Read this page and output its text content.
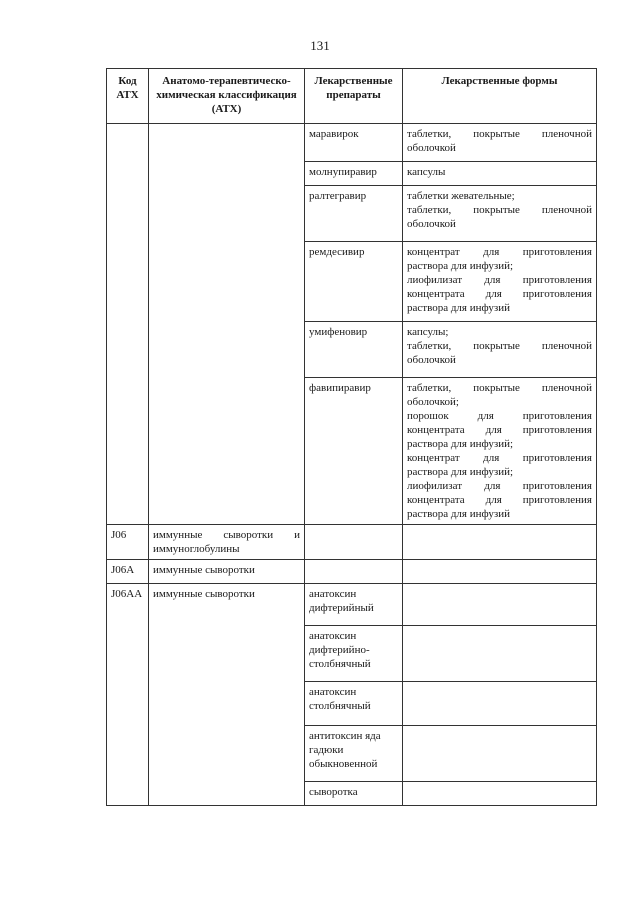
131
Код АТХ	Анатомо-терапевтическо-химическая классификация (АТХ)	Лекарственные препараты	Лекарственные формы
		маравирок	таблетки, покрытые пленочной оболочкой

		молнупиравир	капсулы

		ралтегравир	таблетки жевательные;
таблетки, покрытые пленочной оболочкой

		ремдесивир	концентрат для приготовления раствора для инфузий;
лиофилизат для приготовления концентрата для приготовления раствора для инфузий

		умифеновир	капсулы;
таблетки, покрытые пленочной оболочкой

		фавипиравир	таблетки, покрытые пленочной оболочкой;
порошок для приготовления концентрата для приготовления раствора для инфузий;
концентрат для приготовления раствора для инфузий;
лиофилизат для приготовления концентрата для приготовления раствора для инфузий

J06	иммунные сыворотки и иммуноглобулины		
J06A	иммунные сыворотки		
J06AA	иммунные сыворотки	анатоксин дифтерийный	
		анатоксин дифтерийно-столбнячный	
		анатоксин столбнячный	
		антитоксин яда гадюки обыкновенной	
		сыворотка	
